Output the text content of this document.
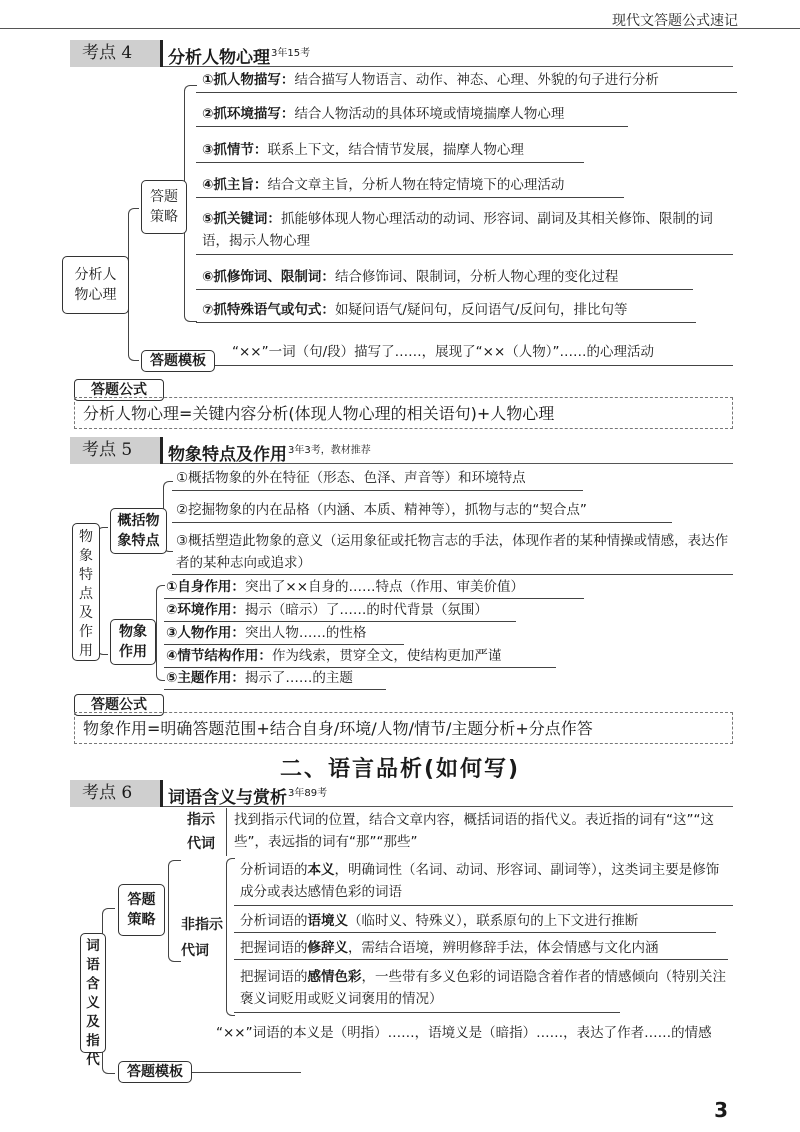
现代文答题公式速记
考点 4	分析人物心理$^{3年15考}$
分析人物心理
答题策略
①抓人物描写：结合描写人物语言、动作、神态、心理、外貌的句子进行分析
②抓环境描写：结合人物活动的具体环境或情境揣摩人物心理
③抓情节：联系上下文，结合情节发展，揣摩人物心理
④抓主旨：结合文章主旨，分析人物在特定情境下的心理活动
⑤抓关键词：抓能够体现人物心理活动的动词、形容词、副词及其相关修饰、限制的词语，揭示人物心理
⑥抓修饰词、限制词：结合修饰词、限制词，分析人物心理的变化过程
⑦抓特殊语气或句式：如疑问语气/疑问句，反问语气/反问句，排比句等
答题模板
“××”一词（句/段）描写了……，展现了“××（人物）”……的心理活动
答题公式
分析人物心理=关键内容分析(体现人物心理的相关语句)+人物心理
考点 5	物象特点及作用$^{3年3考,教材推荐}$
物象特点及作用
概括物象特点
物象作用
①概括物象的外在特征（形态、色泽、声音等）和环境特点
②挖掘物象的内在品格（内涵、本质、精神等），抓物与志的“契合点”
③概括塑造此物象的意义（运用象征或托物言志的手法，体现作者的某种情操或情感，表达作者的某种志向或追求）
①自身作用：突出了××自身的……特点（作用、审美价值）
②环境作用：揭示（暗示）了……的时代背景（氛围）
③人物作用：突出人物……的性格
④情节结构作用：作为线索，贯穿全文，使结构更加严谨
⑤主题作用：揭示了……的主题
答题公式
物象作用=明确答题范围+结合自身/环境/人物/情节/主题分析+分点作答
二、语言品析(如何写)
考点 6	词语含义与赏析$^{3年89考}$
词语含义及指代
答题策略
指示代词
找到指示代词的位置，结合文章内容，概括词语的指代义。表近指的词有“这”“这些”，表远指的词有“那”“那些”
非指示代词
分析词语的本义，明确词性（名词、动词、形容词、副词等），这类词主要是修饰成分或表达感情色彩的词语
分析词语的语境义（临时义、特殊义），联系原句的上下文进行推断
把握词语的修辞义，需结合语境，辨明修辞手法，体会情感与文化内涵
把握词语的感情色彩，一些带有多义色彩的词语隐含着作者的情感倾向（特别关注褒义词贬用或贬义词褒用的情况）
“××”词语的本义是（明指）……，语境义是（暗指）……，表达了作者……的情感
答题模板
3
